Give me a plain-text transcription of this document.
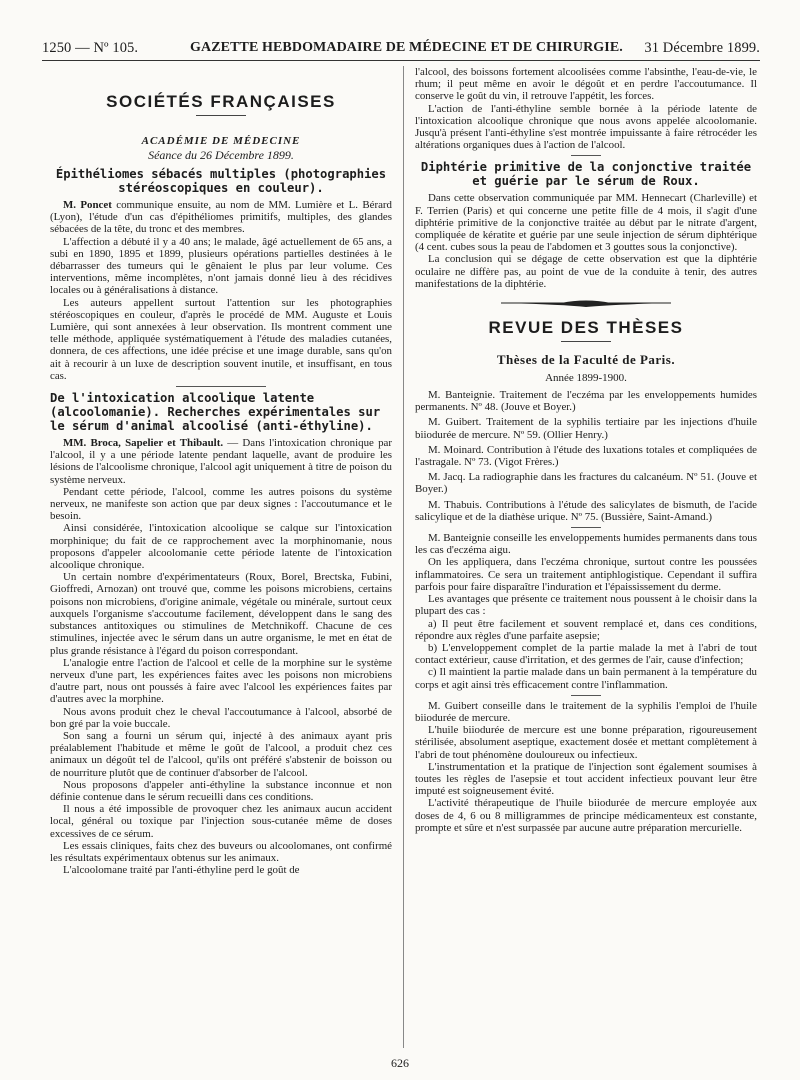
1250 — Nº 105.	GAZETTE HEBDOMADAIRE DE MÉDECINE ET DE CHIRURGIE. 31 Décembre 1899.
SOCIÉTÉS FRANÇAISES
ACADÉMIE DE MÉDECINE
Séance du 26 Décembre 1899.
Épithéliomes sébacés multiples (photographies stéréoscopiques en couleur).

M. Poncet communique ensuite, au nom de MM. Lumière et L. Bérard (Lyon), l'étude d'un cas d'épithéliomes primitifs, multiples, des glandes sébacées de la tête, du tronc et des membres.

L'affection a débuté il y a 40 ans; le malade, âgé actuellement de 65 ans, a subi en 1890, 1895 et 1899, plusieurs opérations partielles destinées à le débarrasser des tumeurs qui le gênaient le plus par leur volume. Ces interventions, même incomplètes, n'ont jamais donné lieu à des récidives locales ou à généralisations à distance.

Les auteurs appellent surtout l'attention sur les photographies stéréoscopiques en couleur, d'après le procédé de MM. Auguste et Louis Lumière, qui sont annexées à leur observation. Ils montrent comment une telle méthode, appliquée systématiquement à l'étude des maladies cutanées, donnera, de ces affections, une idée précise et une image durable, sans qu'on ait à recourir à un luxe de description souvent inutile, et insuffisant, en tous cas.

De l'intoxication alcoolique latente (alcoolomanie). Recherches expérimentales sur le sérum d'animal alcoolisé (anti-éthyline).

MM. Broca, Sapelier et Thibault. — Dans l'intoxication chronique par l'alcool, il y a une période latente pendant laquelle, avant de produire les lésions de l'alcoolisme chronique, l'alcool agit uniquement à titre de poison du système nerveux.

Pendant cette période, l'alcool, comme les autres poisons du système nerveux, ne manifeste son action que par deux signes : l'accoutumance et le besoin.

Ainsi considérée, l'intoxication alcoolique se calque sur l'intoxication morphinique; du fait de ce rapprochement avec la morphinomanie, nous proposons d'appeler alcoolomanie cette période latente de l'intoxication alcoolique chronique.

Un certain nombre d'expérimentateurs (Roux, Borel, Brectska, Fubini, Gioffredi, Arnozan) ont trouvé que, comme les poisons microbiens, certains poisons non microbiens, d'origine animale, végétale ou minérale, surtout ceux auxquels l'organisme s'accoutume facilement, développent dans le sang des substances antitoxiques ou stimulines de Metchnikoff. Chacune de ces stimulines, injectée avec le sérum dans un autre organisme, le met en état de plus grande résistance à l'égard du poison correspondant.

L'analogie entre l'action de l'alcool et celle de la morphine sur le système nerveux d'une part, les expériences faites avec les poisons non microbiens d'autre part, nous ont poussés à faire avec l'alcool les expériences faites par d'autres avec la morphine.

Nous avons produit chez le cheval l'accoutumance à l'alcool, absorbé de bon gré par la voie buccale.

Son sang a fourni un sérum qui, injecté à des animaux ayant pris préalablement l'habitude et même le goût de l'alcool, a produit chez ces animaux un dégoût tel de l'alcool, qu'ils ont préféré s'abstenir de boisson ou de nourriture plutôt que de continuer d'absorber de l'alcool.

Nous proposons d'appeler anti-éthyline la substance inconnue et non définie contenue dans le sérum recueilli dans ces conditions.

Il nous a été impossible de provoquer chez les animaux aucun accident local, général ou toxique par l'injection sous-cutanée même de doses excessives de ce sérum.

Les essais cliniques, faits chez des buveurs ou alcoolomanes, ont confirmé les résultats expérimentaux obtenus sur les animaux.

L'alcoolomane traité par l'anti-éthyline perd le goût de

l'alcool, des boissons fortement alcoolisées comme l'absinthe, l'eau-de-vie, le rhum; il peut même en avoir le dégoût et en perdre l'accoutumance. Il conserve le goût du vin, il retrouve l'appétit, les forces.

L'action de l'anti-éthyline semble bornée à la période latente de l'intoxication alcoolique chronique que nous avons appelée alcoolomanie. Jusqu'à présent l'anti-éthyline s'est montrée impuissante à faire rétrocéder les altérations organiques dues à l'action de l'alcool.

Diphtérie primitive de la conjonctive traitée et guérie par le sérum de Roux.

Dans cette observation communiquée par MM. Hennecart (Charleville) et F. Terrien (Paris) et qui concerne une petite fille de 4 mois, il s'agit d'une diphtérie primitive de la conjonctive traitée au début par le nitrate d'argent, compliquée de kératite et guérie par une seule injection de sérum diphtérique (4 cent. cubes sous la peau de l'abdomen et 3 gouttes sous la conjonctive).

La conclusion qui se dégage de cette observation est que la diphtérie oculaire ne diffère pas, au point de vue de la conduite à tenir, des autres manifestations de la diphtérie.

REVUE DES THÈSES
Thèses de la Faculté de Paris.
Année 1899-1900.

M. Banteignie. Traitement de l'eczéma par les enveloppements humides permanents. Nº 48. (Jouve et Boyer.)

M. Guibert. Traitement de la syphilis tertiaire par les injections d'huile biiodurée de mercure. Nº 59. (Ollier Henry.)

M. Moinard. Contribution à l'étude des luxations totales et compliquées de l'astragale. Nº 73. (Vigot Frères.)

M. Jacq. La radiographie dans les fractures du calcanéum. Nº 51. (Jouve et Boyer.)

M. Thabuis. Contributions à l'étude des salicylates de bismuth, de l'acide salicylique et de la diathèse urique. Nº 75. (Bussière, Saint-Amand.)

M. Banteignie conseille les enveloppements humides permanents dans tous les cas d'eczéma aigu.

On les appliquera, dans l'eczéma chronique, surtout contre les poussées inflammatoires. Ce sera un traitement antiphlogistique. Cependant il suffira parfois pour faire disparaître l'induration et l'épaississement du derme.

Les avantages que présente ce traitement nous poussent à le choisir dans la plupart des cas :

a) Il peut être facilement et souvent remplacé et, dans ces conditions, répondre aux règles d'une parfaite asepsie;

b) L'enveloppement complet de la partie malade la met à l'abri de tout contact extérieur, cause d'irritation, et des germes de l'air, cause d'infection;

c) Il maintient la partie malade dans un bain permanent à la température du corps et agit ainsi très efficacement contre l'inflammation.

M. Guibert conseille dans le traitement de la syphilis l'emploi de l'huile biiodurée de mercure.

L'huile biiodurée de mercure est une bonne préparation, rigoureusement stérilisée, absolument aseptique, exactement dosée et mettant complètement à l'abri de tout phénomène douloureux ou infectieux.

L'instrumentation et la pratique de l'injection sont également soumises à toutes les règles de l'asepsie et tout accident infectieux pouvant leur être imputé est soigneusement évité.

L'activité thérapeutique de l'huile biiodurée de mercure employée aux doses de 4, 6 ou 8 milligrammes de principe médicamenteux est constante, prompte et sûre et n'est surpassée par aucune autre préparation mercurielle.

626
